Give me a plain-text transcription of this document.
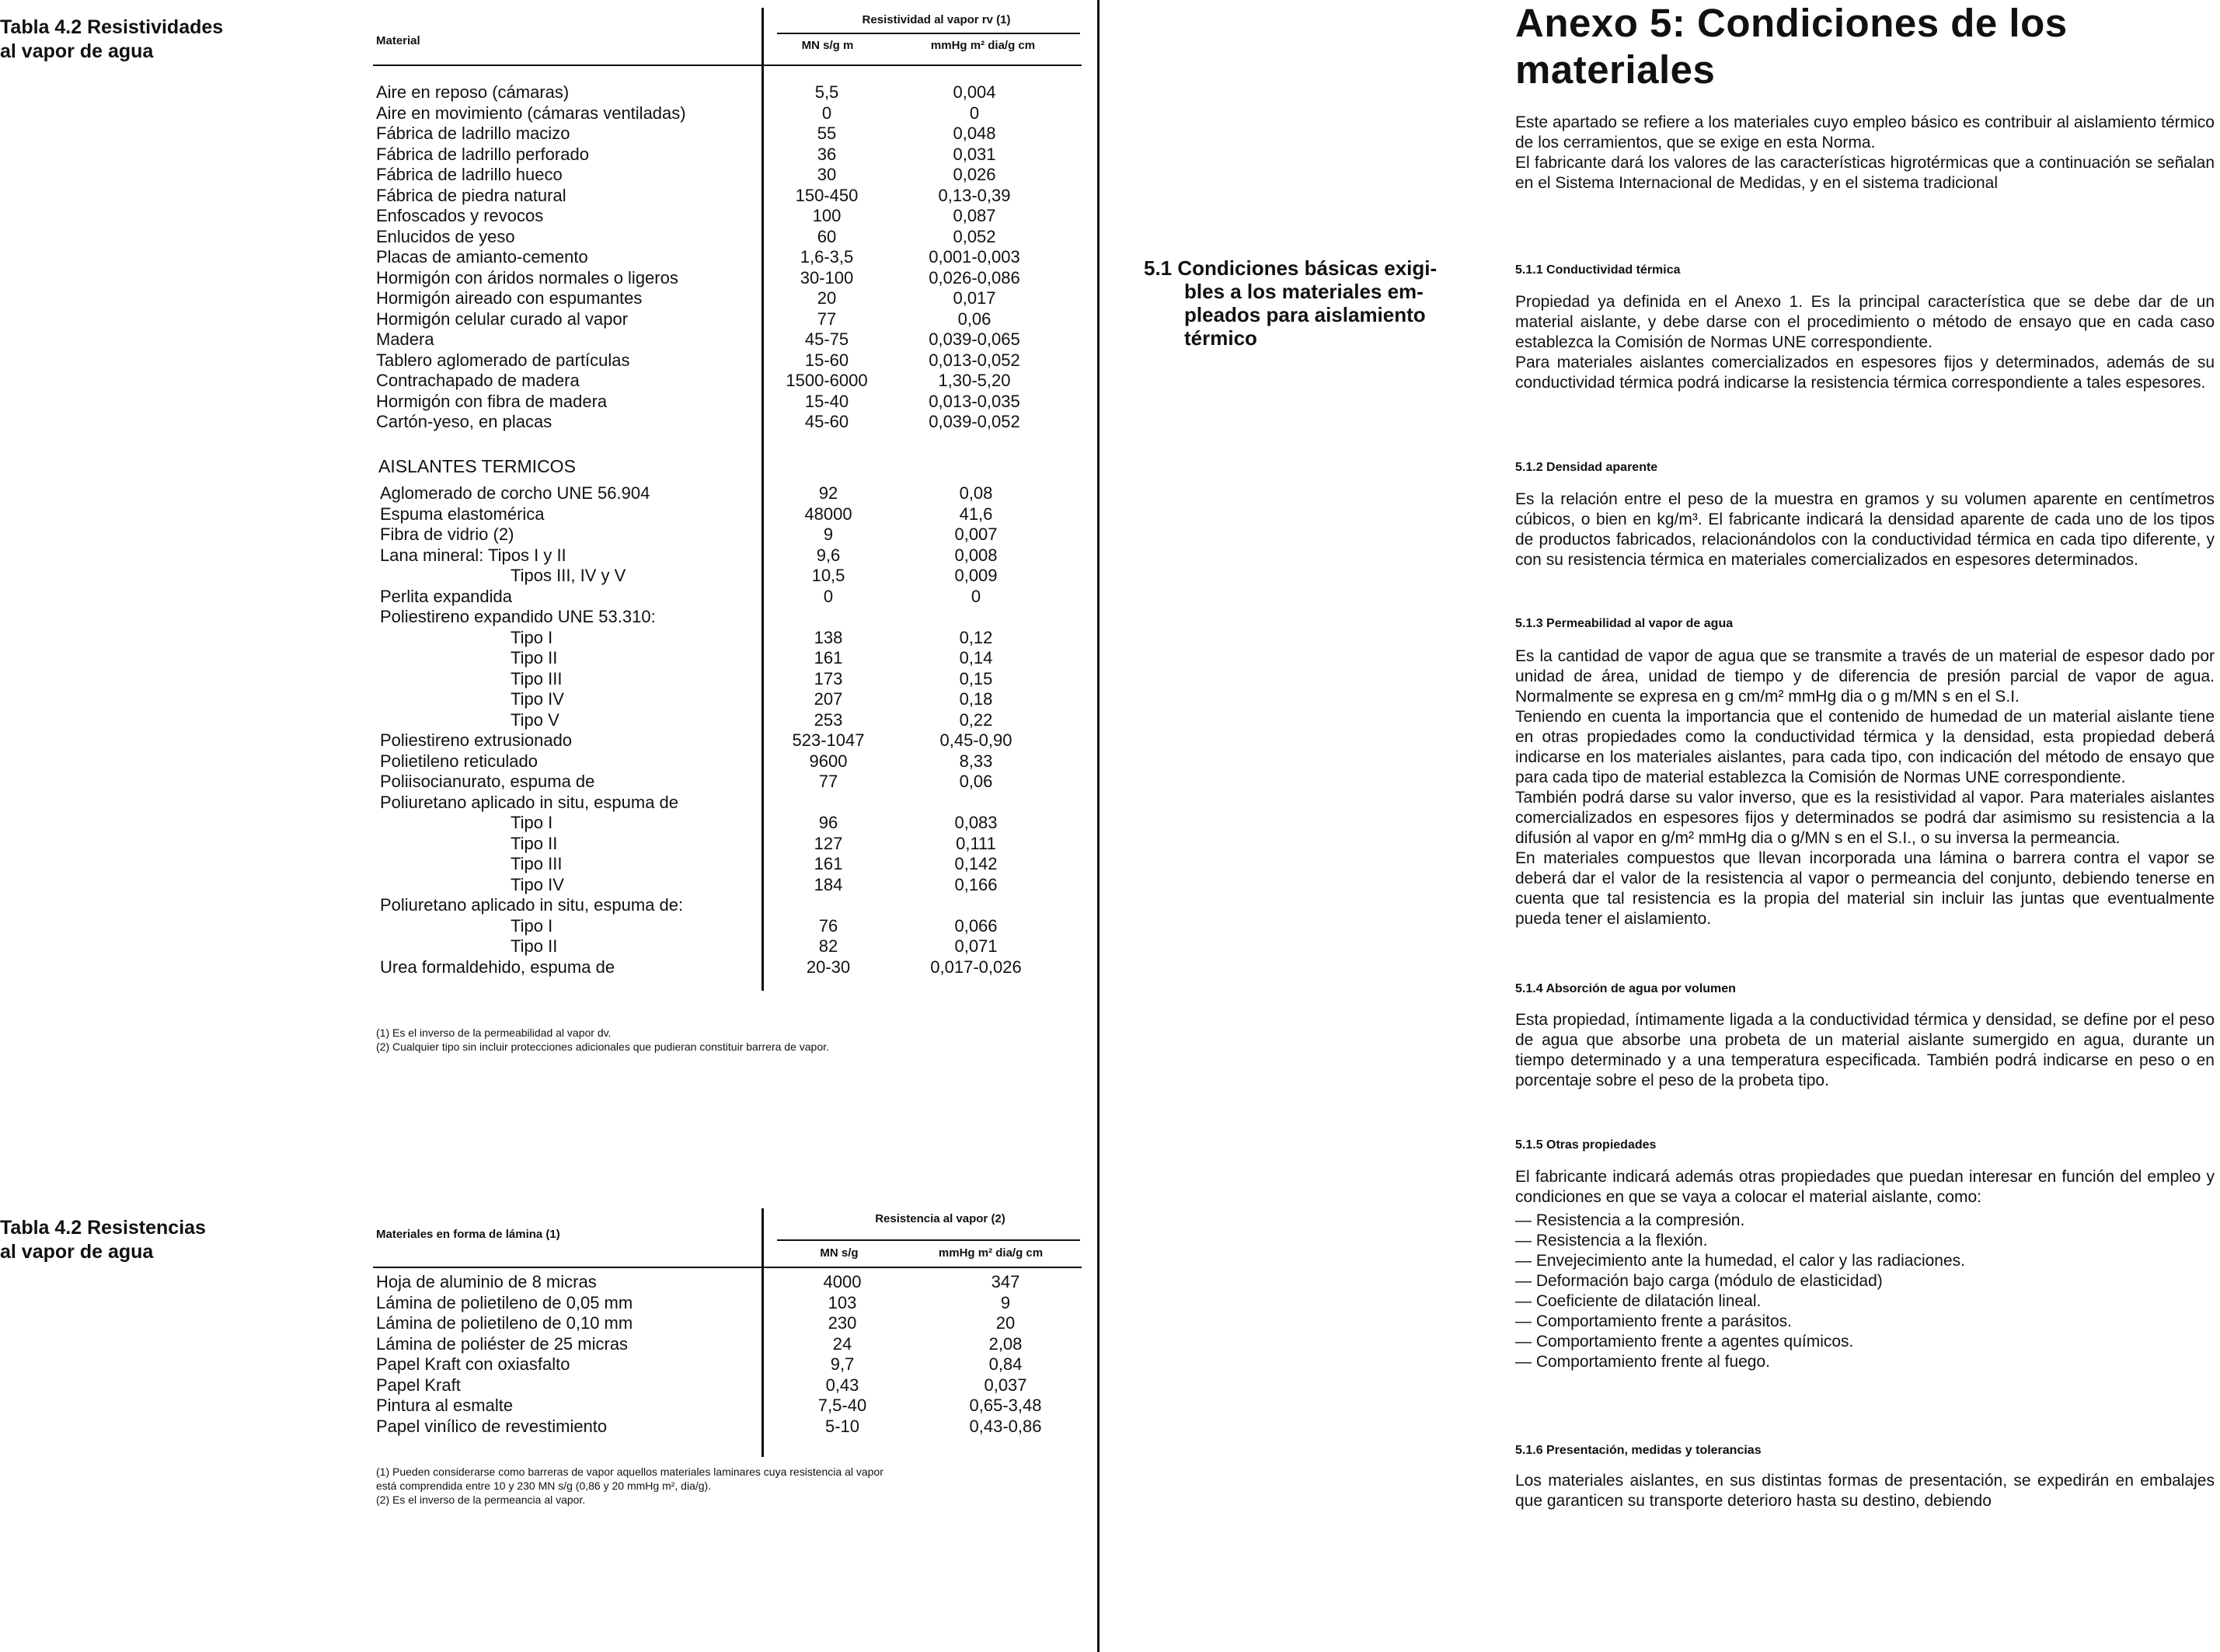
Tabla 4.2 Resistividades
al vapor de agua	Material
Resistividad al vapor rv (1)
MN s/g m	mmHg m² dia/g cm
Aire en reposo (cámaras)	5,5	0,004
Aire en movimiento (cámaras ventiladas)	0	0
Fábrica de ladrillo macizo	55	0,048
Fábrica de ladrillo perforado	36	0,031
Fábrica de ladrillo hueco	30	0,026
Fábrica de piedra natural	150-450	0,13-0,39
Enfoscados y revocos	100	0,087
Enlucidos de yeso	60	0,052
Placas de amianto-cemento	1,6-3,5	0,001-0,003
Hormigón con áridos normales o ligeros	30-100	0,026-0,086
Hormigón aireado con espumantes	20	0,017
Hormigón celular curado al vapor	77	0,06
Madera	45-75	0,039-0,065
Tablero aglomerado de partículas	15-60	0,013-0,052
Contrachapado de madera	1500-6000	1,30-5,20
Hormigón con fibra de madera	15-40	0,013-0,035
Cartón-yeso, en placas	45-60	0,039-0,052
AISLANTES TERMICOS
Aglomerado de corcho UNE 56.904	92	0,08
Espuma elastomérica	48000	41,6
Fibra de vidrio (2)	9	0,007
Lana mineral: Tipos I y II	9,6	0,008
Tipos III, IV y V	10,5	0,009
Perlita expandida	0	0
Poliestireno expandido UNE 53.310:
Tipo I	138	0,12
Tipo II	161	0,14
Tipo III	173	0,15
Tipo IV	207	0,18
Tipo V	253	0,22
Poliestireno extrusionado	523-1047	0,45-0,90
Polietileno reticulado	9600	8,33
Poliisocianurato, espuma de	77	0,06
Poliuretano aplicado in situ, espuma de
Tipo I	96	0,083
Tipo II	127	0,111
Tipo III	161	0,142
Tipo IV	184	0,166
Poliuretano aplicado in situ, espuma de:
Tipo I	76	0,066
Tipo II	82	0,071
Urea formaldehido, espuma de	20-30	0,017-0,026
(1) Es el inverso de la permeabilidad al vapor dv.
(2) Cualquier tipo sin incluir protecciones adicionales que pudieran constituir barrera de vapor.
Tabla 4.2 Resistencias
al vapor de agua
Materiales en forma de lámina (1)
Resistencia al vapor (2)
MN s/g	mmHg m² dia/g cm
Hoja de aluminio de 8 micras	4000	347
Lámina de polietileno de 0,05 mm	103	9
Lámina de polietileno de 0,10 mm	230	20
Lámina de poliéster de 25 micras	24	2,08
Papel Kraft con oxiasfalto	9,7	0,84
Papel Kraft	0,43	0,037
Pintura al esmalte	7,5-40	0,65-3,48
Papel vinílico de revestimiento	5-10	0,43-0,86
(1) Pueden considerarse como barreras de vapor aquellos materiales laminares cuya resistencia al vapor
está comprendida entre 10 y 230 MN s/g (0,86 y 20 mmHg m², dia/g).
(2) Es el inverso de la permeancia al vapor.
Anexo 5: Condiciones de los materiales

Este apartado se refiere a los materiales cuyo empleo básico es contribuir al aislamiento térmico de los cerramientos, que se exige en esta Norma.

El fabricante dará los valores de las características higrotérmicas que a continuación se señalan en el Sistema Internacional de Medidas, y en el sistema tradicional

5.1 Condiciones básicas exigi-
bles a los materiales em-
pleados para aislamiento
térmico
5.1.1 Conductividad térmica

Propiedad ya definida en el Anexo 1. Es la principal característica que se debe dar de un material aislante, y debe darse con el procedimiento o método de ensayo que en cada caso establezca la Comisión de Normas UNE correspondiente.

Para materiales aislantes comercializados en espesores fijos y determinados, además de su conductividad térmica podrá indicarse la resistencia térmica correspondiente a tales espesores.

5.1.2 Densidad aparente
Es la relación entre el peso de la muestra en gramos y su volumen aparente en centímetros cúbicos, o bien en kg/m³. El fabricante indicará la densidad aparente de cada uno de los tipos de productos fabricados, relacionándolos con la conductividad térmica en cada tipo diferente, y con su resistencia térmica en materiales comercializados en espesores determinados.
5.1.3 Permeabilidad al vapor de agua

Es la cantidad de vapor de agua que se transmite a través de un material de espesor dado por unidad de área, unidad de tiempo y de diferencia de presión parcial de vapor de agua. Normalmente se expresa en g cm/m² mmHg dia o g m/MN s en el S.I.

Teniendo en cuenta la importancia que el contenido de humedad de un material aislante tiene en otras propiedades como la conductividad térmica y la densidad, esta propiedad deberá indicarse en los materiales aislantes, para cada tipo, con indicación del método de ensayo que para cada tipo de material establezca la Comisión de Normas UNE correspondiente.

También podrá darse su valor inverso, que es la resistividad al vapor. Para materiales aislantes comercializados en espesores fijos y determinados se podrá dar asimismo su resistencia a la difusión al vapor en g/m² mmHg dia o g/MN s en el S.I., o su inversa la permeancia.

En materiales compuestos que llevan incorporada una lámina o barrera contra el vapor se deberá dar el valor de la resistencia al vapor o permeancia del conjunto, debiendo tenerse en cuenta que tal resistencia es la propia del material sin incluir las juntas que eventualmente pueda tener el aislamiento.

5.1.4 Absorción de agua por volumen
Esta propiedad, íntimamente ligada a la conductividad térmica y densidad, se define por el peso de agua que absorbe una probeta de un material aislante sumergido en agua, durante un tiempo determinado y a una temperatura especificada. También podrá indicarse en peso o en porcentaje sobre el peso de la probeta tipo.
5.1.5 Otras propiedades
El fabricante indicará además otras propiedades que puedan interesar en función del empleo y condiciones en que se vaya a colocar el material aislante, como:
— Resistencia a la compresión.
— Resistencia a la flexión.
— Envejecimiento ante la humedad, el calor y las radiaciones.
— Deformación bajo carga (módulo de elasticidad)
— Coeficiente de dilatación lineal.
— Comportamiento frente a parásitos.
— Comportamiento frente a agentes químicos.
— Comportamiento frente al fuego.
5.1.6 Presentación, medidas y tolerancias
Los materiales aislantes, en sus distintas formas de presentación, se expedirán en embalajes que garanticen su transporte deterioro hasta su destino, debiendo
